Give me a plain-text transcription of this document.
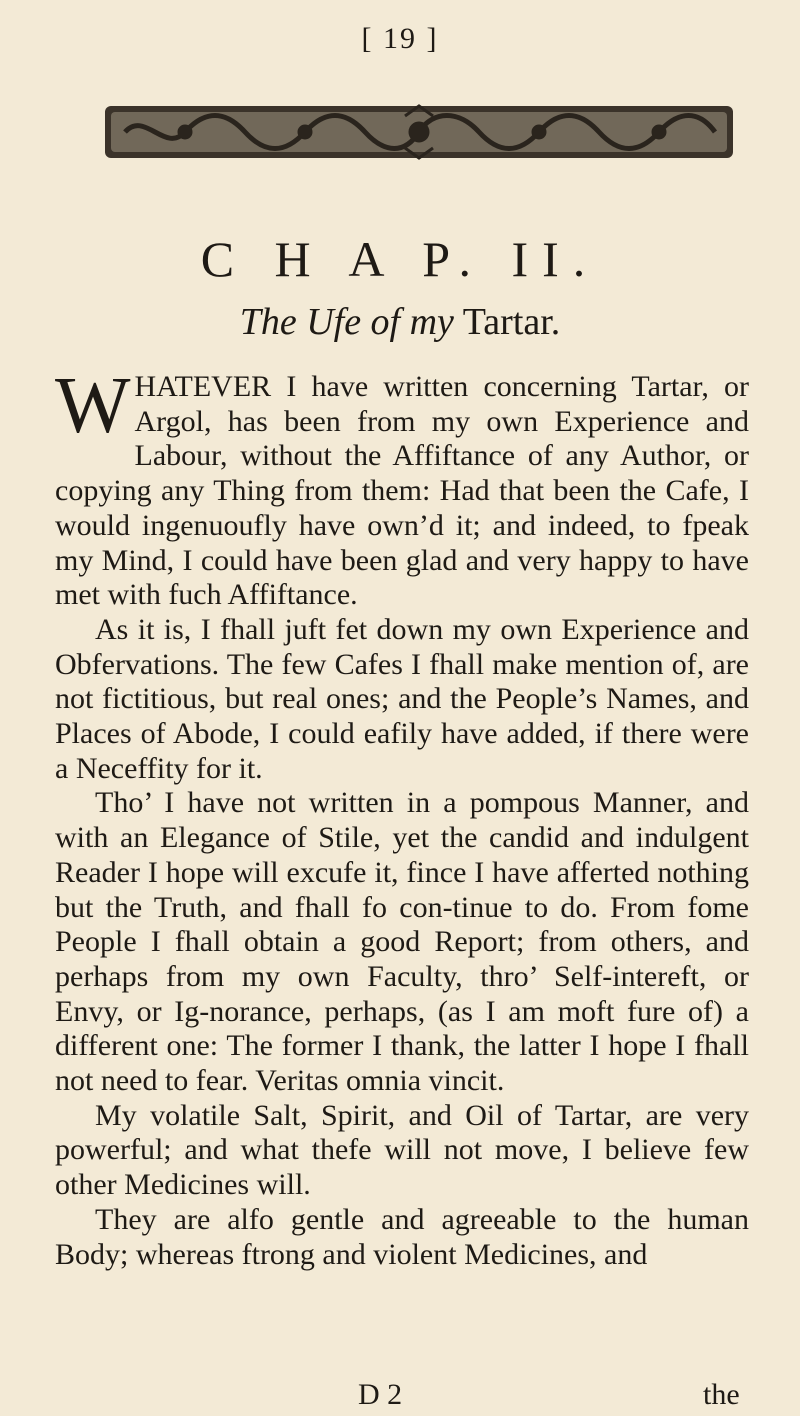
[ 19 ]
C H A P. II.
The Ufe of my Tartar.

WHATEVER I have written concerning Tartar, or Argol, has been from my own Experience and Labour, without the Affiftance of any Author, or copying any Thing from them: Had that been the Cafe, I would ingenuoufly have own’d it; and indeed, to fpeak my Mind, I could have been glad and very happy to have met with fuch Affiftance.

As it is, I fhall juft fet down my own Experience and Obfervations. The few Cafes I fhall make mention of, are not fictitious, but real ones; and the People’s Names, and Places of Abode, I could eafily have added, if there were a Neceffity for it.

Tho’ I have not written in a pompous Manner, and with an Elegance of Stile, yet the candid and indulgent Reader I hope will excufe it, fince I have afferted nothing but the Truth, and fhall fo con-tinue to do. From fome People I fhall obtain a good Report; from others, and perhaps from my own Faculty, thro’ Self-intereft, or Envy, or Ig-norance, perhaps, (as I am moft fure of) a different one: The former I thank, the latter I hope I fhall not need to fear. Veritas omnia vincit.

My volatile Salt, Spirit, and Oil of Tartar, are very powerful; and what thefe will not move, I believe few other Medicines will.

They are alfo gentle and agreeable to the human Body; whereas ftrong and violent Medicines, and

D 2	the
